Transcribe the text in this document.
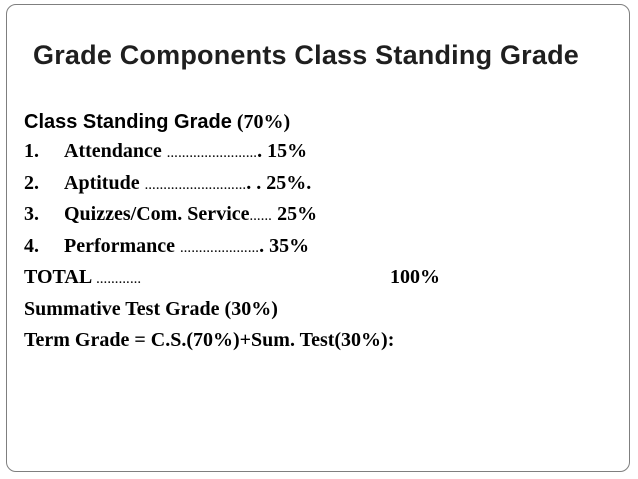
Grade Components Class Standing Grade
Class Standing Grade (70%)
1. Attendance ……………………. 15%
2. Aptitude ………………………. . 25%.
3. Quizzes/Com. Service…… 25%
4. Performance …………………. 35%
TOTAL …………	100%
Summative Test Grade (30%)
Term Grade = C.S.(70%)+Sum. Test(30%):
